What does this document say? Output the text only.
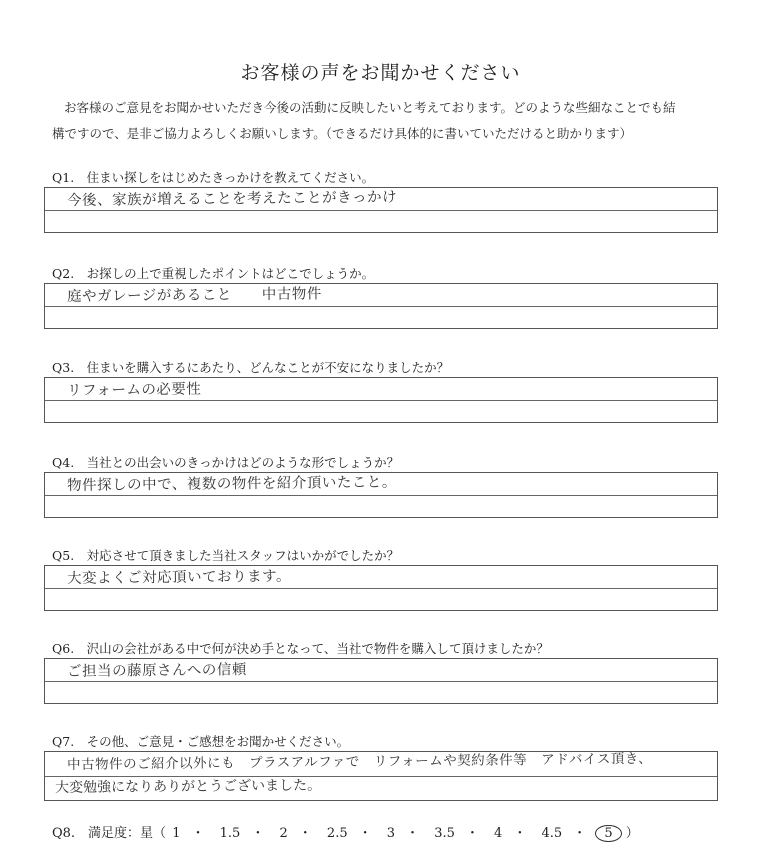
お客様の声をお聞かせください
お客様のご意見をお聞かせいただき今後の活動に反映したいと考えております。どのような些細なことでも結
構ですので、是非ご協力よろしくお願いします。（できるだけ具体的に書いていただけると助かります）
Q1.　住まい探しをはじめたきっかけを教えてください。
今後、家族が増えることを考えたことがきっかけ
Q2.　お探しの上で重視したポイントはどこでしょうか。
庭やガレージがあること　　中古物件
Q3.　住まいを購入するにあたり、どんなことが不安になりましたか？
リフォームの必要性
Q4.　当社との出会いのきっかけはどのような形でしょうか？
物件探しの中で、複数の物件を紹介頂いたこと。
Q5.　対応させて頂きました当社スタッフはいかがでしたか？
大変よくご対応頂いております。
Q6.　沢山の会社がある中で何が決め手となって、当社で物件を購入して頂けましたか？
ご担当の藤原さんへの信頼
Q7.　その他、ご意見・ご感想をお聞かせください。
中古物件のご紹介以外にも　プラスアルファで　リフォームや契約条件等　アドバイス頂き、
大変勉強になりありがとうございました。
Q8.　満足度：星（ 1 ・ 1.5 ・ 2 ・ 2.5 ・ 3 ・ 3.5 ・ 4 ・ 4.5 ・ 5 ）
